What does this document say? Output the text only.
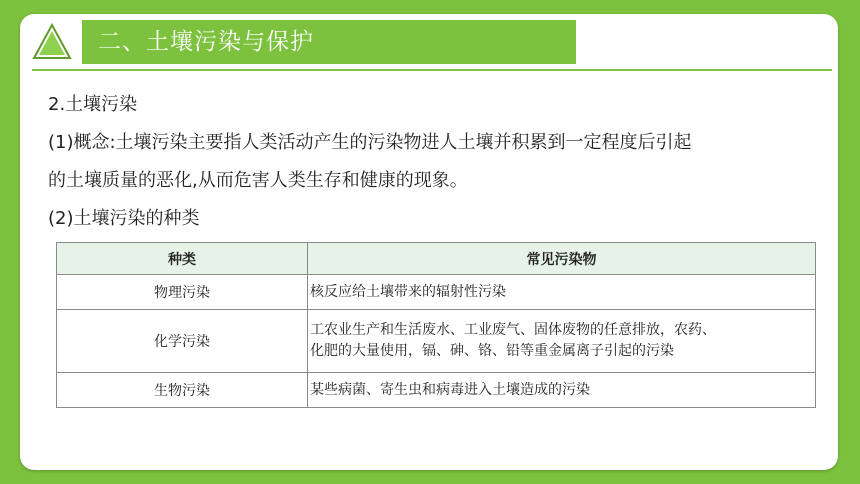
二、土壤污染与保护
2.土壤污染
(1)概念:土壤污染主要指人类活动产生的污染物进人土壤并积累到一定程度后引起
的土壤质量的恶化,从而危害人类生存和健康的现象。
(2)土壤污染的种类
种类	常见污染物
物理污染	核反应给土壤带来的辐射性污染

化学污染	工农业生产和生活废水、工业废气、固体废物的任意排放，农药、
化肥的大量使用，镉、砷、铬、铅等重金属离子引起的污染

生物污染	某些病菌、寄生虫和病毒进入土壤造成的污染
